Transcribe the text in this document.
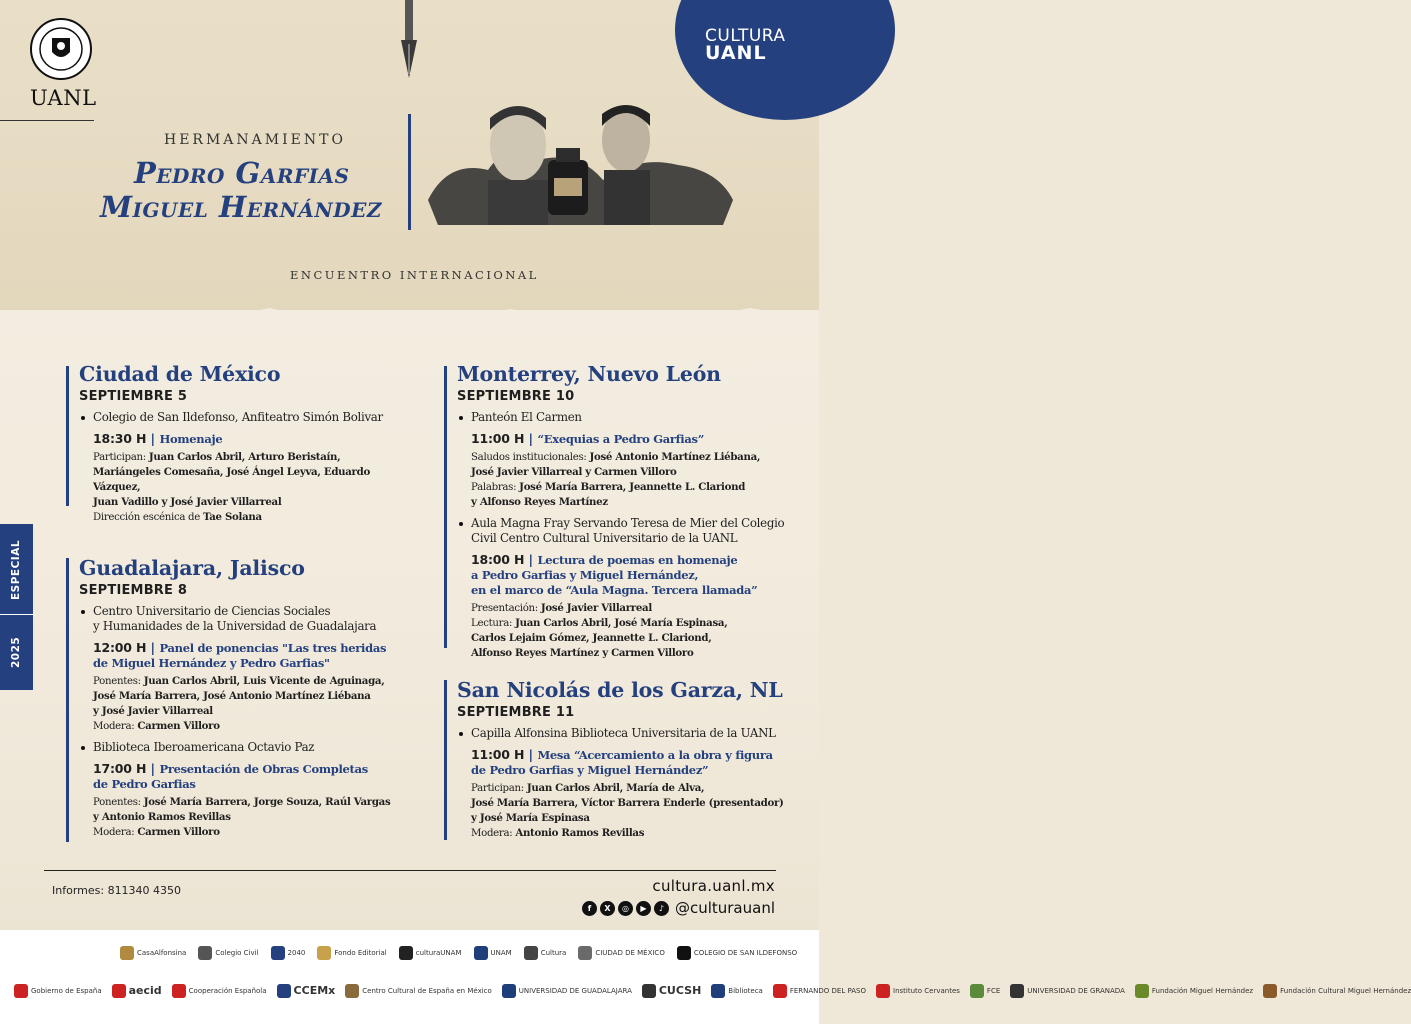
UANL
CULTURA
UANL
HERMANAMIENTO
Pedro Garfias
Miguel Hernández
ENCUENTRO INTERNACIONAL
ESPECIAL
2025
Ciudad de México
SEPTIEMBRE 5
Colegio de San Ildefonso, Anfiteatro Simón Bolivar
18:30 H | Homenaje
Participan: Juan Carlos Abril, Arturo Beristaín,
Mariángeles Comesaña, José Ángel Leyva, Eduardo Vázquez,
Juan Vadillo y José Javier Villarreal
Dirección escénica de Tae Solana
Guadalajara, Jalisco
SEPTIEMBRE 8
Centro Universitario de Ciencias Sociales
y Humanidades de la Universidad de Guadalajara
12:00 H | Panel de ponencias "Las tres heridas
de Miguel Hernández y Pedro Garfias"
Ponentes: Juan Carlos Abril, Luis Vicente de Aguinaga,
José María Barrera, José Antonio Martínez Liébana
y José Javier Villarreal
Modera: Carmen Villoro
Biblioteca Iberoamericana Octavio Paz
17:00 H | Presentación de Obras Completas
de Pedro Garfias
Ponentes: José María Barrera, Jorge Souza, Raúl Vargas
y Antonio Ramos Revillas
Modera: Carmen Villoro
Monterrey, Nuevo León
SEPTIEMBRE 10
Panteón El Carmen
11:00 H | “Exequias a Pedro Garfias”
Saludos institucionales: José Antonio Martínez Liébana,
José Javier Villarreal y Carmen Villoro
Palabras: José María Barrera, Jeannette L. Clariond
y Alfonso Reyes Martínez
Aula Magna Fray Servando Teresa de Mier del Colegio
Civil Centro Cultural Universitario de la UANL
18:00 H | Lectura de poemas en homenaje
a Pedro Garfias y Miguel Hernández,
en el marco de “Aula Magna. Tercera llamada”
Presentación: José Javier Villarreal
Lectura: Juan Carlos Abril, José María Espinasa,
Carlos Lejaim Gómez, Jeannette L. Clariond,
Alfonso Reyes Martínez y Carmen Villoro
San Nicolás de los Garza, NL
SEPTIEMBRE 11
Capilla Alfonsina Biblioteca Universitaria de la UANL
11:00 H | Mesa “Acercamiento a la obra y figura
de Pedro Garfias y Miguel Hernández”
Participan: Juan Carlos Abril, María de Alva,
José María Barrera, Víctor Barrera Enderle (presentador)
y José María Espinasa
Modera: Antonio Ramos Revillas
Informes: 811340 4350	cultura.uanl.mx
f	X	◎	▶	♪ @culturauanl
CasaAlfonsina	Colegio Civil	2040	Fondo Editorial	culturaUNAM	UNAM	Cultura	CIUDAD DE MÉXICO	COLEGIO DE SAN ILDEFONSO
Gobierno de España aecid	Cooperación Española CCEMx	Centro Cultural de España en México	UNIVERSIDAD DE GUADALAJARA CUCSH	Biblioteca	FERNANDO DEL PASO	Instituto Cervantes	FCE	UNIVERSIDAD DE GRANADA	Fundación Miguel Hernández	Fundación Cultural Miguel Hernández
